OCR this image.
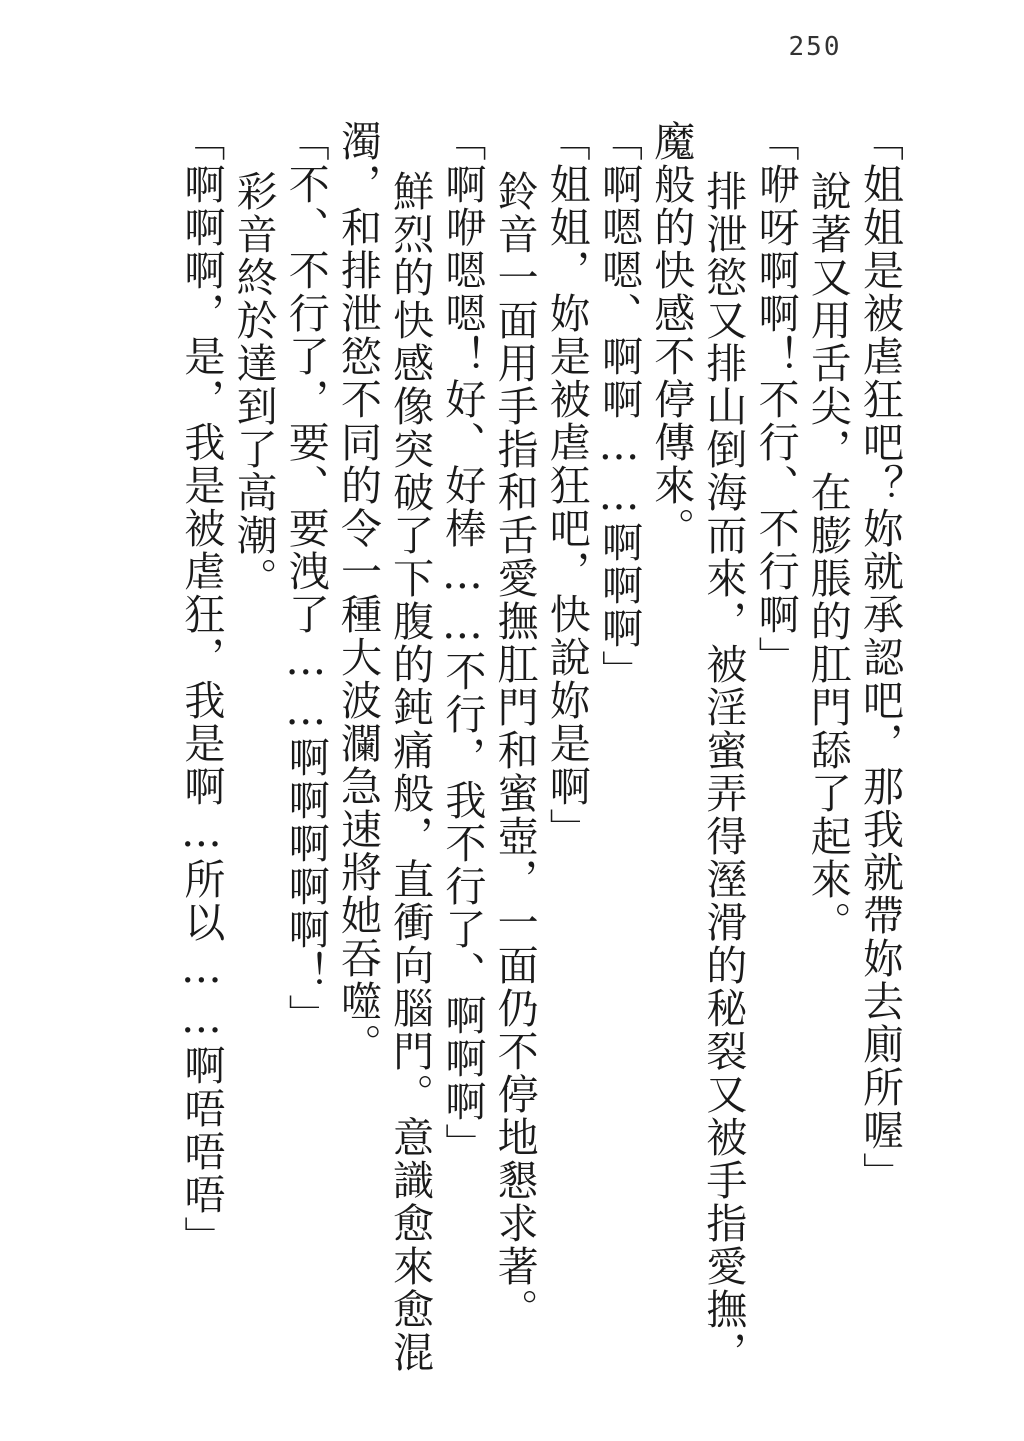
250

「姐姐是被虐狂吧？妳就承認吧，那我就帶妳去廁所喔」

說著又用舌尖，在膨脹的肛門舔了起來。

「咿呀啊啊！不行、不行啊」

排泄慾又排山倒海而來，被淫蜜弄得溼滑的秘裂又被手指愛撫，

魔般的快感不停傳來。

「啊嗯嗯、啊啊……啊啊啊」

「姐姐，妳是被虐狂吧，快說妳是啊」

鈴音一面用手指和舌愛撫肛門和蜜壺，一面仍不停地懇求著。

「啊咿嗯嗯！好、好棒……不行，我不行了、啊啊啊」

鮮烈的快感像突破了下腹的鈍痛般，直衝向腦門。意識愈來愈混

濁，和排泄慾不同的令一種大波瀾急速將她吞噬。

「不、不行了，要、要洩了……啊啊啊啊啊！」

彩音終於達到了高潮。

「啊啊啊，是，我是被虐狂，我是啊…所以……啊唔唔唔」
